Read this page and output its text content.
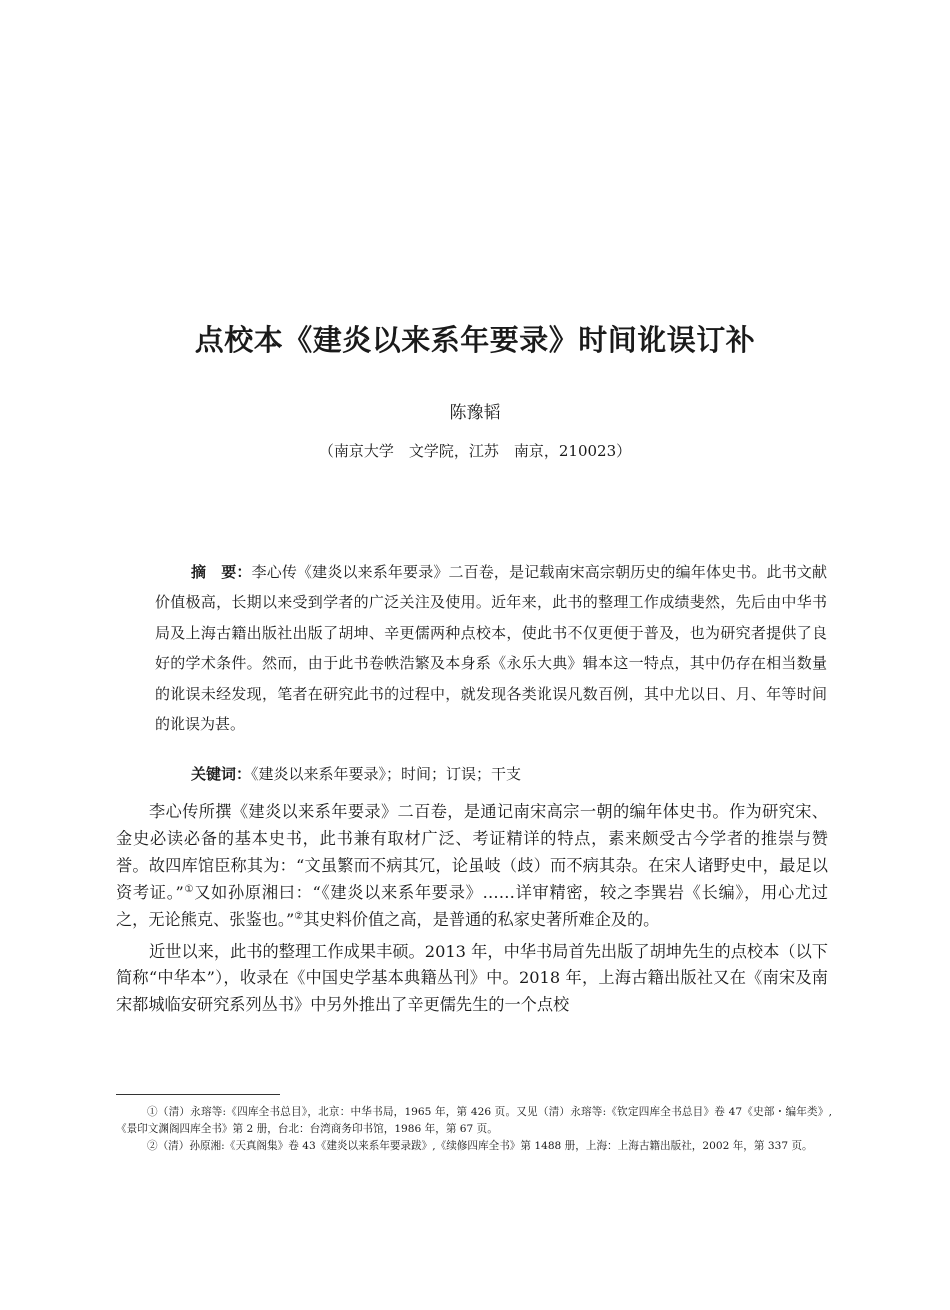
点校本《建炎以来系年要录》时间讹误订补
陈豫韬
（南京大学　文学院，江苏　南京，210023）

摘　要：李心传《建炎以来系年要录》二百卷，是记载南宋高宗朝历史的编年体史书。此书文献价值极高，长期以来受到学者的广泛关注及使用。近年来，此书的整理工作成绩斐然，先后由中华书局及上海古籍出版社出版了胡坤、辛更儒两种点校本，使此书不仅更便于普及，也为研究者提供了良好的学术条件。然而，由于此书卷帙浩繁及本身系《永乐大典》辑本这一特点，其中仍存在相当数量的讹误未经发现，笔者在研究此书的过程中，就发现各类讹误凡数百例，其中尤以日、月、年等时间的讹误为甚。

关键词：《建炎以来系年要录》；时间；订误；干支

李心传所撰《建炎以来系年要录》二百卷，是通记南宋高宗一朝的编年体史书。作为研究宋、金史必读必备的基本史书，此书兼有取材广泛、考证精详的特点，素来颇受古今学者的推崇与赞誉。故四库馆臣称其为：“文虽繁而不病其冗，论虽岐（歧）而不病其杂。在宋人诸野史中，最足以资考证。”①又如孙原湘曰：“《建炎以来系年要录》……详审精密，较之李巽岩《长编》，用心尤过之，无论熊克、张鉴也。”②其史料价值之高，是普通的私家史著所难企及的。

近世以来，此书的整理工作成果丰硕。2013 年，中华书局首先出版了胡坤先生的点校本（以下简称“中华本”），收录在《中国史学基本典籍丛刊》中。2018 年，上海古籍出版社又在《南宋及南宋都城临安研究系列丛书》中另外推出了辛更儒先生的一个点校

①（清）永瑢等:《四库全书总目》，北京：中华书局，1965 年，第 426 页。又见（清）永瑢等:《钦定四库全书总目》卷 47《史部・编年类》,《景印文渊阁四库全书》第 2 册，台北：台湾商务印书馆，1986 年，第 67 页。

②（清）孙原湘:《天真阁集》卷 43《建炎以来系年要录跋》,《续修四库全书》第 1488 册，上海：上海古籍出版社，2002 年，第 337 页。
